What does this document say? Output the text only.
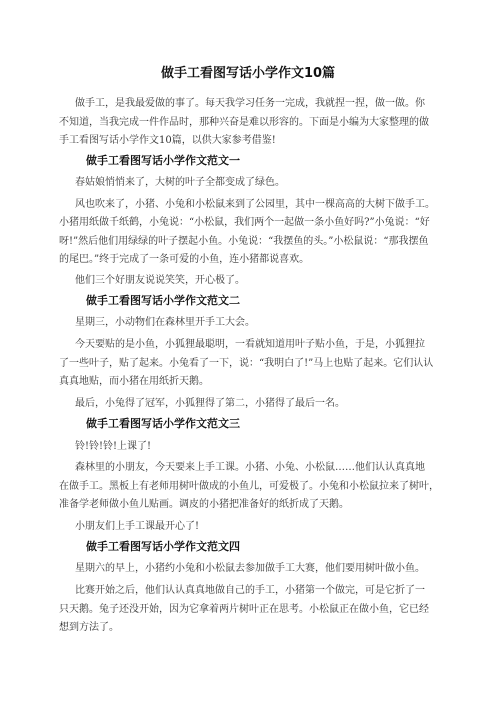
做手工看图写话小学作文10篇
做手工，是我最爱做的事了。每天我学习任务一完成，我就捏一捏，做一做。你
不知道，当我完成一件作品时，那种兴奋是难以形容的。下面是小编为大家整理的做
手工看图写话小学作文10篇，以供大家参考借鉴!
做手工看图写话小学作文范文一
春姑娘悄悄来了，大树的叶子全都变成了绿色。
风也吹来了，小猪、小兔和小松鼠来到了公园里，其中一棵高高的大树下做手工。
小猪用纸做千纸鹤，小兔说：“小松鼠，我们两个一起做一条小鱼好吗?”小兔说：“好
呀!”然后他们用绿绿的叶子摆起小鱼。小兔说：“我摆鱼的头。”小松鼠说：“那我摆鱼
的尾巴。”终于完成了一条可爱的小鱼，连小猪都说喜欢。
他们三个好朋友说说笑笑，开心极了。
做手工看图写话小学作文范文二
星期三，小动物们在森林里开手工大会。
今天要贴的是小鱼，小狐狸最聪明，一看就知道用叶子贴小鱼，于是，小狐狸拉
了一些叶子，贴了起来。小兔看了一下，说：“我明白了!”马上也贴了起来。它们认认
真真地贴，而小猪在用纸折天鹅。
最后，小兔得了冠军，小狐狸得了第二，小猪得了最后一名。
做手工看图写话小学作文范文三
铃!铃!铃!上课了!
森林里的小朋友，今天要来上手工课。小猪、小兔、小松鼠……他们认认真真地
在做手工。黑板上有老师用树叶做成的小鱼儿，可爱极了。小兔和小松鼠拉来了树叶，
准备学老师做小鱼儿贴画。调皮的小猪把准备好的纸折成了天鹅。
小朋友们上手工课最开心了!
做手工看图写话小学作文范文四
星期六的早上，小猪约小兔和小松鼠去参加做手工大赛，他们要用树叶做小鱼。
比赛开始之后，他们认认真真地做自己的手工，小猪第一个做完，可是它折了一
只天鹅。兔子还没开始，因为它拿着两片树叶正在思考。小松鼠正在做小鱼，它已经
想到方法了。
